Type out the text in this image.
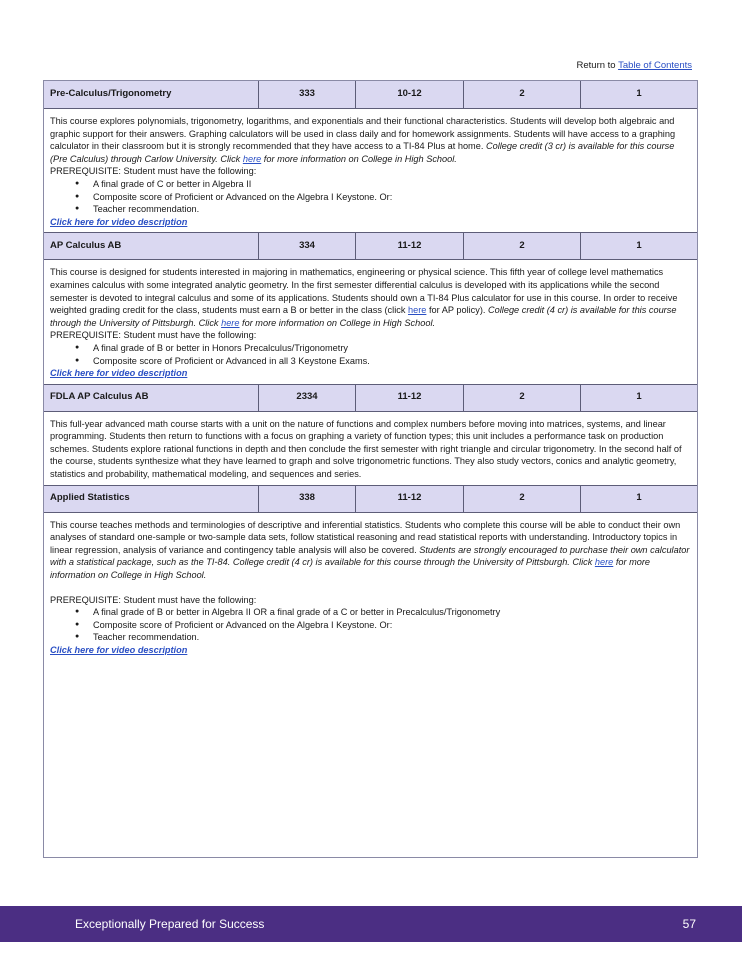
Return to Table of Contents
Pre-Calculus/Trigonometry	333	10-12	2	1

This course explores polynomials, trigonometry, logarithms, and exponentials and their functional characteristics. Students will develop both algebraic and graphic support for their answers. Graphing calculators will be used in class daily and for homework assignments. Students will have access to a graphing calculator in their classroom but it is strongly recommended that they have access to a TI-84 Plus at home. College credit (3 cr) is available for this course (Pre Calculus) through Carlow University. Click here for more information on College in High School.

PREREQUISITE: Student must have the following:

● A final grade of C or better in Algebra II
● Composite score of Proficient or Advanced on the Algebra I Keystone. Or:
● Teacher recommendation.
Click here for video description
AP Calculus AB	334	11-12	2	1

This course is designed for students interested in majoring in mathematics, engineering or physical science. This fifth year of college level mathematics examines calculus with some integrated analytic geometry. In the first semester differential calculus is developed with its applications while the second semester is devoted to integral calculus and some of its applications. Students should own a TI-84 Plus calculator for use in this course. In order to receive weighted grading credit for the class, students must earn a B or better in the class (click here for AP policy). College credit (4 cr) is available for this course through the University of Pittsburgh. Click here for more information on College in High School.

PREREQUISITE: Student must have the following:

● A final grade of B or better in Honors Precalculus/Trigonometry
● Composite score of Proficient or Advanced in all 3 Keystone Exams.
Click here for video description
FDLA AP Calculus AB	2334	11-12	2	1

This full-year advanced math course starts with a unit on the nature of functions and complex numbers before moving into matrices, systems, and linear programming. Students then return to functions with a focus on graphing a variety of function types; this unit includes a performance task on production schemes. Students explore rational functions in depth and then conclude the first semester with right triangle and circular trigonometry. In the second half of the course, students synthesize what they have learned to graph and solve trigonometric functions. They also study vectors, conics and analytic geometry, statistics and probability, mathematical modeling, and sequences and series.

Applied Statistics	338	11-12	2	1

This course teaches methods and terminologies of descriptive and inferential statistics. Students who complete this course will be able to conduct their own analyses of standard one-sample or two-sample data sets, follow statistical reasoning and read statistical reports with understanding. Introductory topics in linear regression, analysis of variance and contingency table analysis will also be covered. Students are strongly encouraged to purchase their own calculator with a statistical package, such as the TI-84. College credit (4 cr) is available for this course through the University of Pittsburgh. Click here for more information on College in High School.

PREREQUISITE: Student must have the following:

● A final grade of B or better in Algebra II OR a final grade of a C or better in Precalculus/Trigonometry
● Composite score of Proficient or Advanced on the Algebra I Keystone. Or:
● Teacher recommendation.
Click here for video description
Exceptionally Prepared for Success	57
